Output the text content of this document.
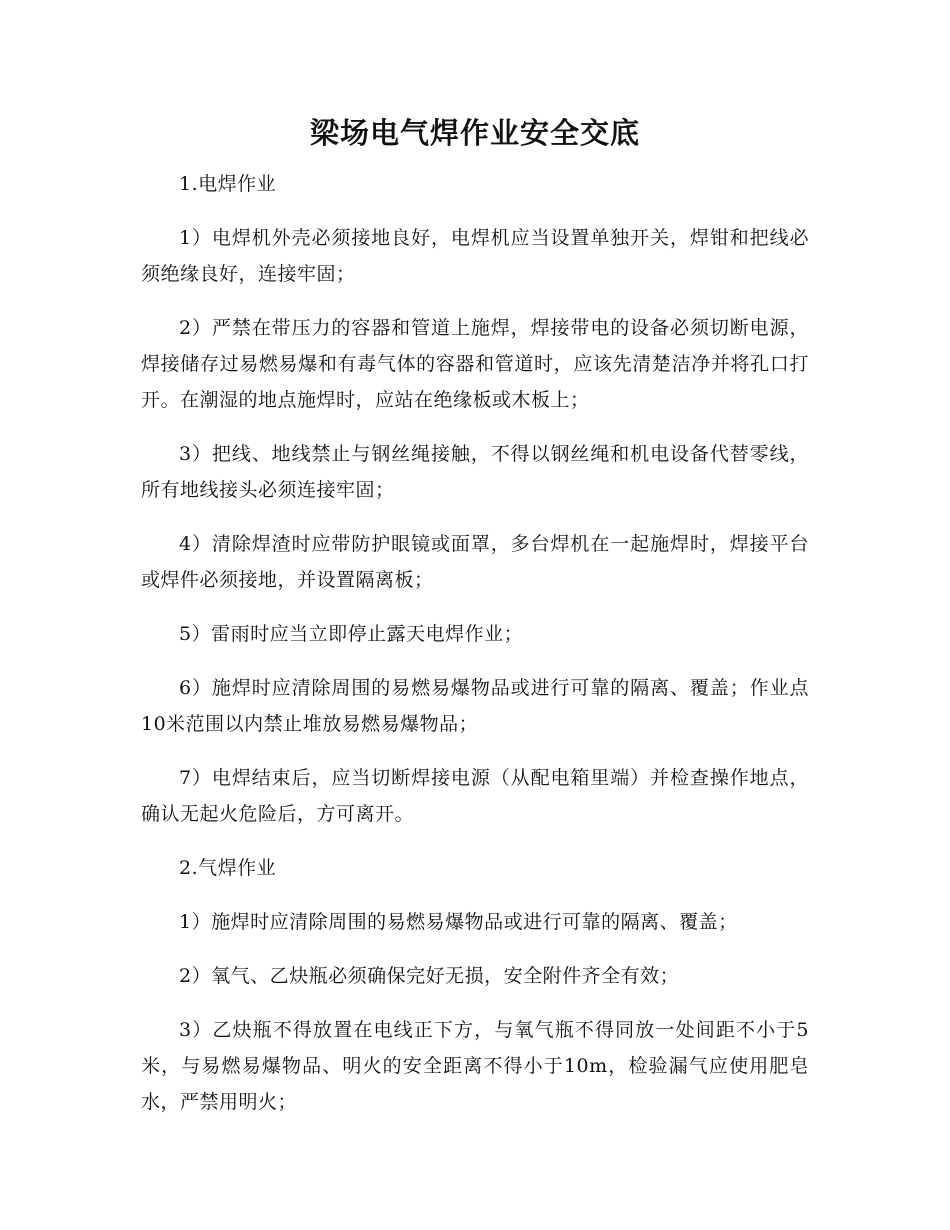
梁场电气焊作业安全交底

1.电焊作业

1）电焊机外壳必须接地良好，电焊机应当设置单独开关，焊钳和把线必须绝缘良好，连接牢固；

2）严禁在带压力的容器和管道上施焊，焊接带电的设备必须切断电源，焊接储存过易燃易爆和有毒气体的容器和管道时，应该先清楚洁净并将孔口打开。在潮湿的地点施焊时，应站在绝缘板或木板上；

3）把线、地线禁止与钢丝绳接触，不得以钢丝绳和机电设备代替零线，所有地线接头必须连接牢固；

4）清除焊渣时应带防护眼镜或面罩，多台焊机在一起施焊时，焊接平台或焊件必须接地，并设置隔离板；

5）雷雨时应当立即停止露天电焊作业；

6）施焊时应清除周围的易燃易爆物品或进行可靠的隔离、覆盖；作业点10米范围以内禁止堆放易燃易爆物品；

7）电焊结束后，应当切断焊接电源（从配电箱里端）并检查操作地点，确认无起火危险后，方可离开。

2.气焊作业

1）施焊时应清除周围的易燃易爆物品或进行可靠的隔离、覆盖；

2）氧气、乙炔瓶必须确保完好无损，安全附件齐全有效；

3）乙炔瓶不得放置在电线正下方，与氧气瓶不得同放一处间距不小于5米，与易燃易爆物品、明火的安全距离不得小于10m，检验漏气应使用肥皂水，严禁用明火；
